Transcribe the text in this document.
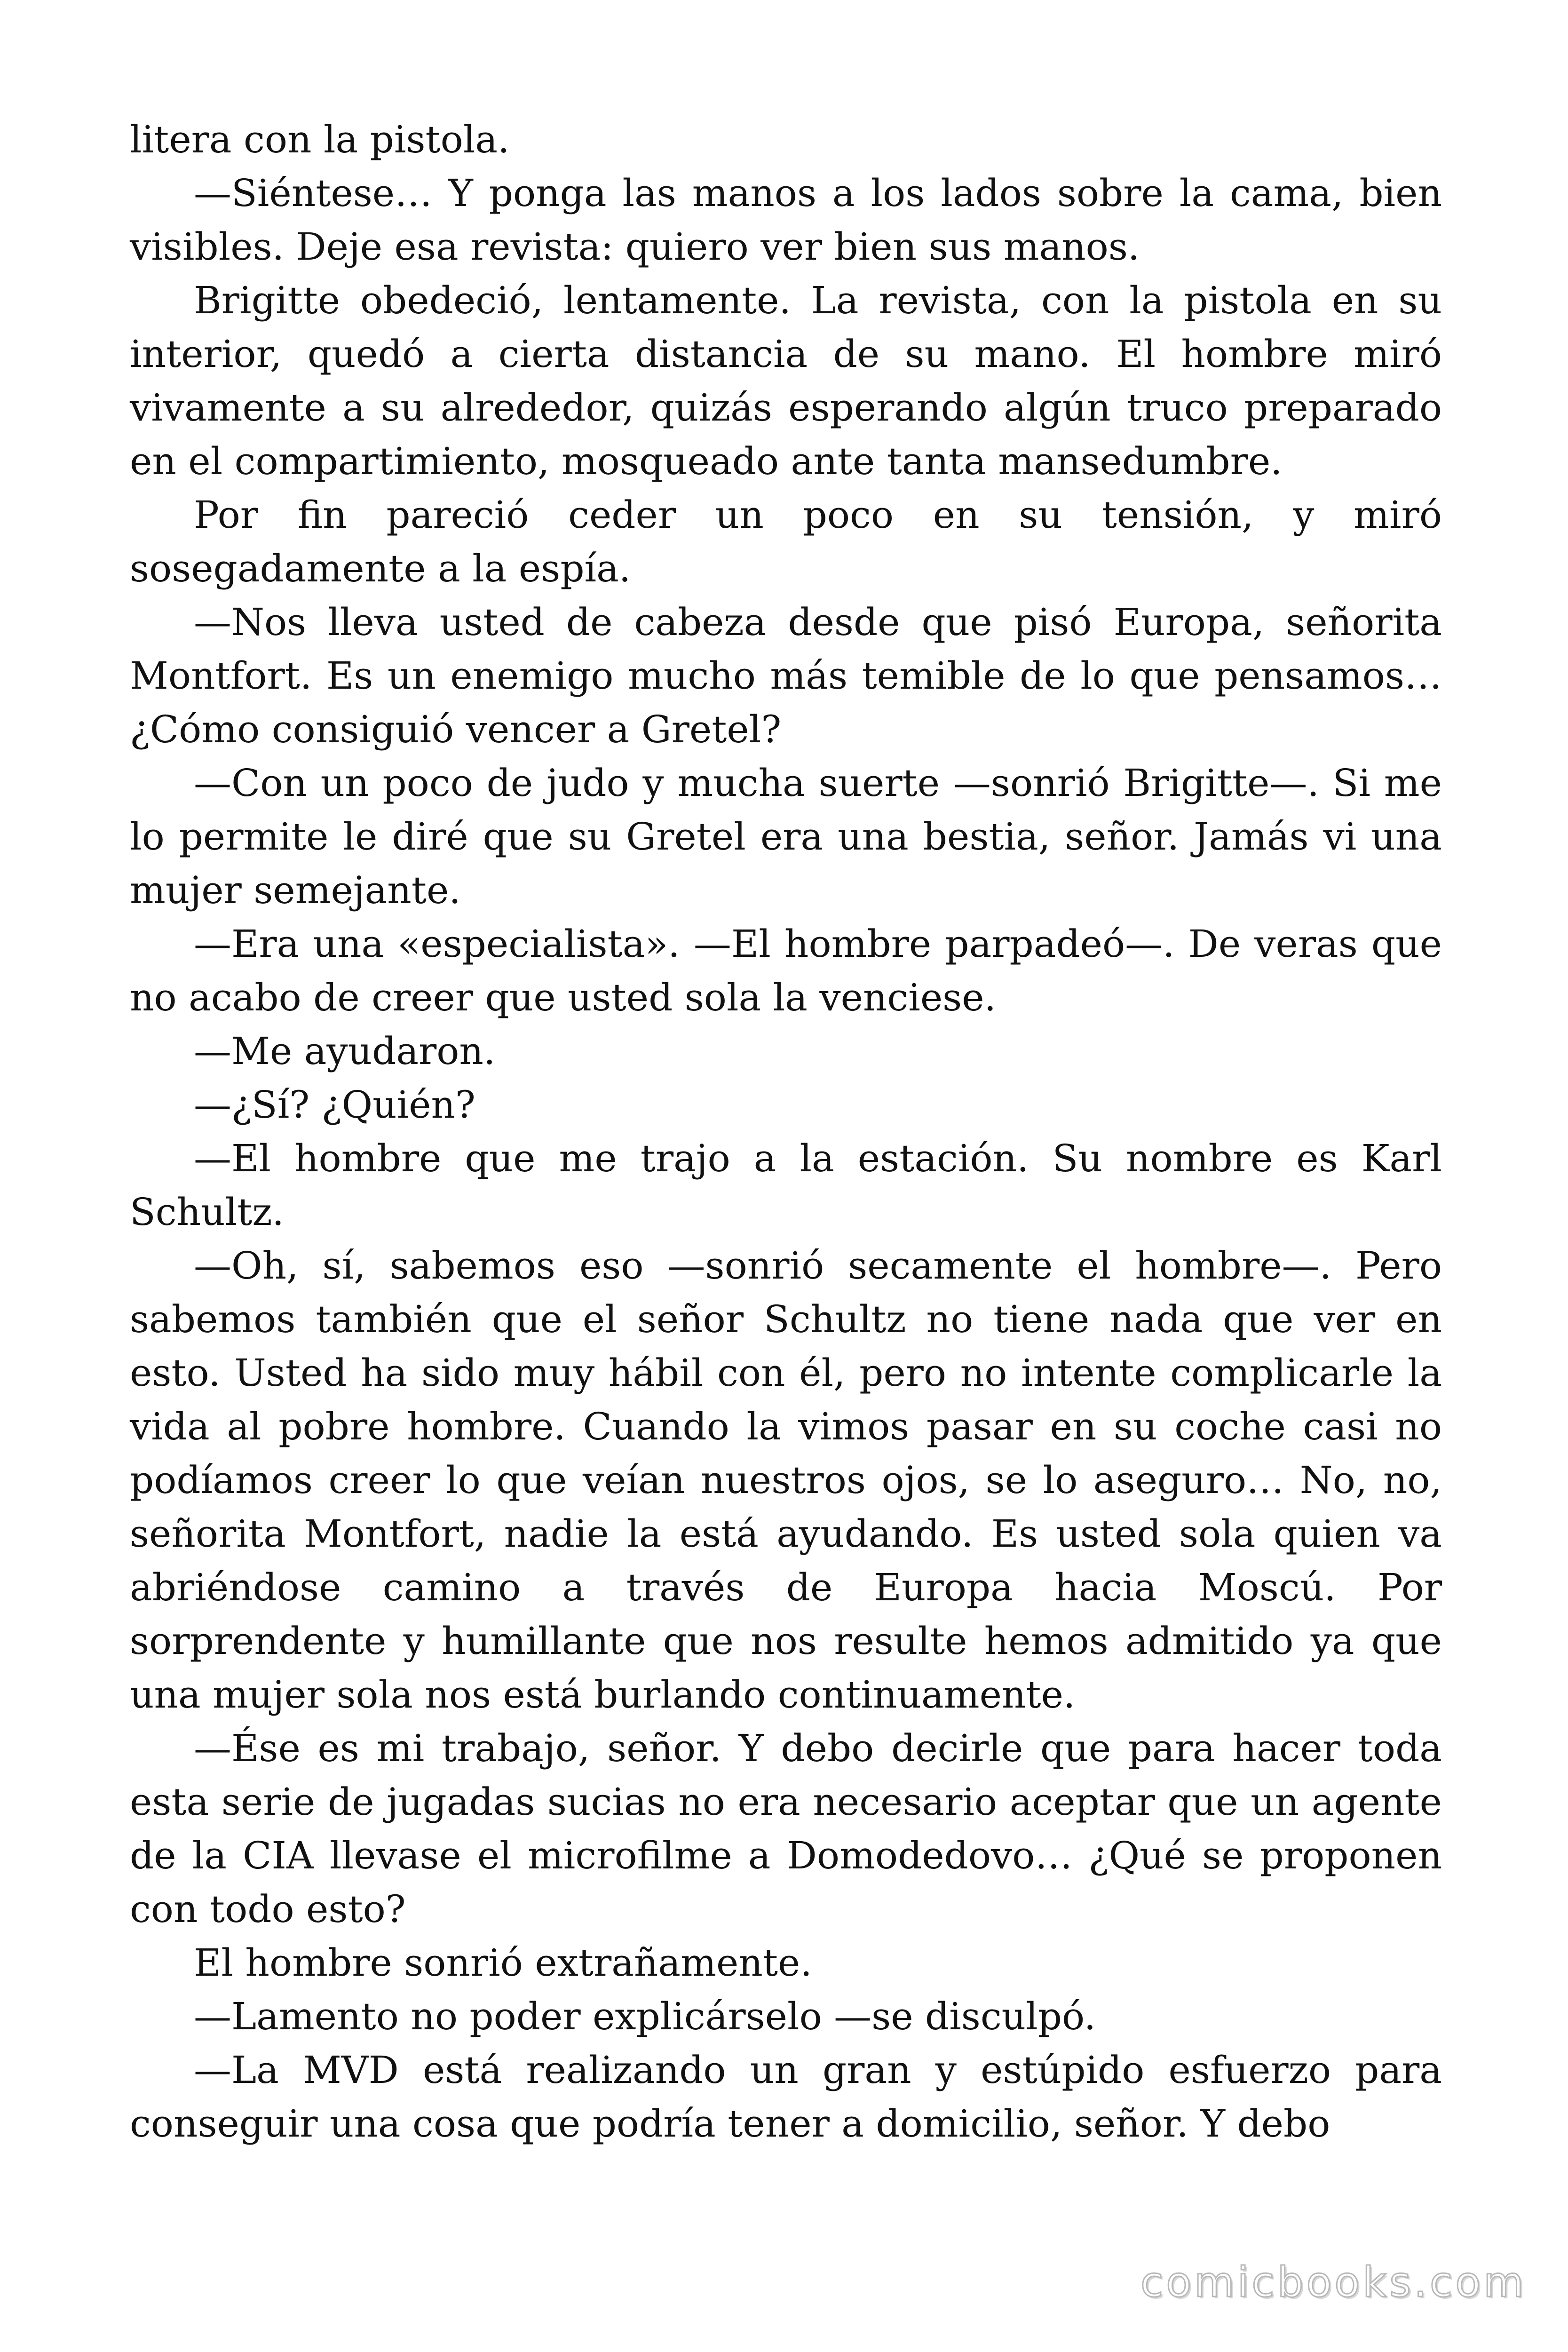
litera con la pistola.

—Siéntese… Y ponga las manos a los lados sobre la cama, bien visibles. Deje esa revista: quiero ver bien sus manos.

Brigitte obedeció, lentamente. La revista, con la pistola en su interior, quedó a cierta distancia de su mano. El hombre miró vivamente a su alrededor, quizás esperando algún truco preparado en el compartimiento, mosqueado ante tanta mansedumbre.

Por fin pareció ceder un poco en su tensión, y miró sosegadamente a la espía.

—Nos lleva usted de cabeza desde que pisó Europa, señorita Montfort. Es un enemigo mucho más temible de lo que pensamos… ¿Cómo consiguió vencer a Gretel?

—Con un poco de judo y mucha suerte —sonrió Brigitte—. Si me lo permite le diré que su Gretel era una bestia, señor. Jamás vi una mujer semejante.

—Era una «especialista». —El hombre parpadeó—. De veras que no acabo de creer que usted sola la venciese.

—Me ayudaron.

—¿Sí? ¿Quién?

—El hombre que me trajo a la estación. Su nombre es Karl Schultz.

—Oh, sí, sabemos eso —sonrió secamente el hombre—. Pero sabemos también que el señor Schultz no tiene nada que ver en esto. Usted ha sido muy hábil con él, pero no intente complicarle la vida al pobre hombre. Cuando la vimos pasar en su coche casi no podíamos creer lo que veían nuestros ojos, se lo aseguro… No, no, señorita Montfort, nadie la está ayudando. Es usted sola quien va abriéndose camino a través de Europa hacia Moscú. Por sorprendente y humillante que nos resulte hemos admitido ya que una mujer sola nos está burlando continuamente.

—Ése es mi trabajo, señor. Y debo decirle que para hacer toda esta serie de jugadas sucias no era necesario aceptar que un agente de la CIA llevase el microfilme a Domodedovo… ¿Qué se proponen con todo esto?

El hombre sonrió extrañamente.

—Lamento no poder explicárselo —se disculpó.

—La MVD está realizando un gran y estúpido esfuerzo para conseguir una cosa que podría tener a domicilio, señor. Y debo

comicbooks.com
